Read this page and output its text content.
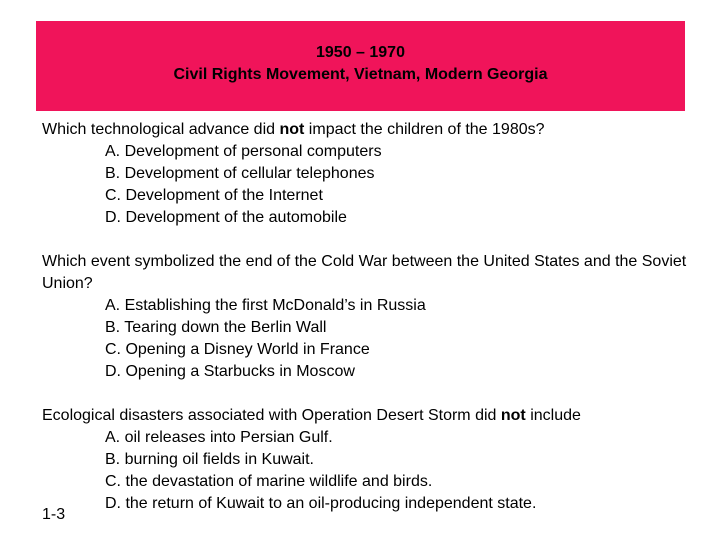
1950 – 1970
Civil Rights Movement, Vietnam, Modern Georgia
Which technological advance did not impact the children of the 1980s?
A. Development of personal computers
B. Development of cellular telephones
C. Development of the Internet
D. Development of the automobile
Which event symbolized the end of the Cold War between the United States and the Soviet Union?
A. Establishing the first McDonald’s in Russia
B. Tearing down the Berlin Wall
C. Opening a Disney World in France
D. Opening a Starbucks in Moscow
Ecological disasters associated with Operation Desert Storm did not include
A. oil releases into Persian Gulf.
B. burning oil fields in Kuwait.
C. the devastation of marine wildlife and birds.
D. the return of Kuwait to an oil-producing independent state.
1-3
